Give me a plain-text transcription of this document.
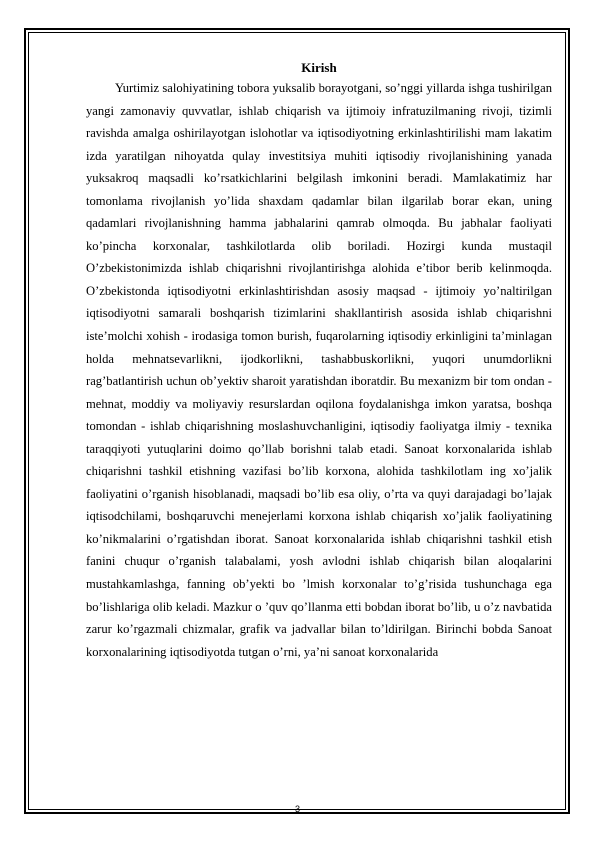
Kirish

Yurtimiz salohiyatining tobora yuksalib borayotgani, so’nggi yillarda ishga tushirilgan yangi zamonaviy quvvatlar, ishlab chiqarish va ijtimoiy infratuzilmaning rivoji, tizimli ravishda amalga oshirilayotgan islohotlar va iqtisodiyotning erkinlashtirilishi mam lakatim izda yaratilgan nihoyatda qulay investitsiya muhiti iqtisodiy rivojlanishining yanada yuksakroq maqsadli ko’rsatkichlarini belgilash imkonini beradi. Mamlakatimiz har tomonlama rivojlanish yo’lida shaxdam qadamlar bilan ilgarilab borar ekan, uning qadamlari rivojlanishning hamma jabhalarini qamrab olmoqda. Bu jabhalar faoliyati ko’pincha korxonalar, tashkilotlarda olib boriladi. Hozirgi kunda mustaqil O’zbekistonimizda ishlab chiqarishni rivojlantirishga alohida e’tibor berib kelinmoqda. O’zbekistonda iqtisodiyotni erkinlashtirishdan asosiy maqsad - ijtimoiy yo’naltirilgan iqtisodiyotni samarali boshqarish tizimlarini shakllantirish asosida ishlab chiqarishni iste’molchi xohish - irodasiga tomon burish, fuqarolarning iqtisodiy erkinligini ta’minlagan holda mehnatsevarlikni, ijodkorlikni, tashabbuskorlikni, yuqori unumdorlikni rag’batlantirish uchun ob’yektiv sharoit yaratishdan iboratdir. Bu mexanizm bir tom ondan - mehnat, moddiy va moliyaviy resurslardan oqilona foydalanishga imkon yaratsa, boshqa tomondan - ishlab chiqarishning moslashuvchanligini, iqtisodiy faoliyatga ilmiy - texnika taraqqiyoti yutuqlarini doimo qo’llab borishni talab etadi. Sanoat korxonalarida ishlab chiqarishni tashkil etishning vazifasi bo’lib korxona, alohida tashkilotlam ing xo’jalik faoliyatini o’rganish hisoblanadi, maqsadi bo’lib esa oliy, o’rta va quyi darajadagi bo’lajak iqtisodchilami, boshqaruvchi menejerlami korxona ishlab chiqarish xo’jalik faoliyatining ko’nikmalarini o’rgatishdan iborat. Sanoat korxonalarida ishlab chiqarishni tashkil etish fanini chuqur o’rganish talabalami, yosh avlodni ishlab chiqarish bilan aloqalarini mustahkamlashga, fanning ob’yekti bo ’lmish korxonalar to’g’risida tushunchaga ega bo’lishlariga olib keladi. Mazkur o ’quv qo’llanma etti bobdan iborat bo’lib, u o’z navbatida zarur ko’rgazmali chizmalar, grafik va jadvallar bilan to’ldirilgan. Birinchi bobda Sanoat korxonalarining iqtisodiyotda tutgan o’rni, ya’ni sanoat korxonalarida

3
